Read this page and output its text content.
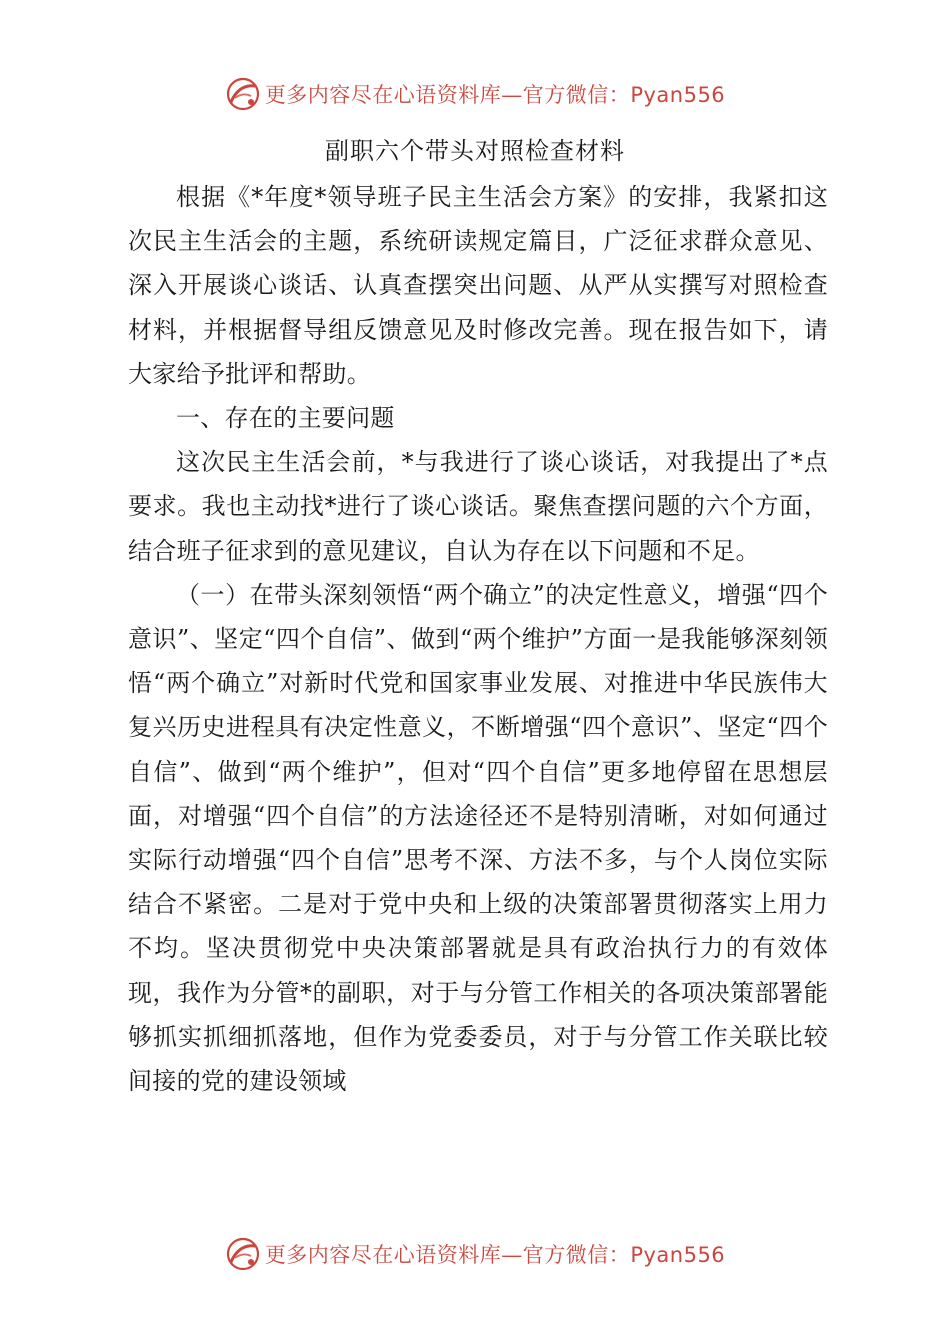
更多内容尽在心语资料库—官方微信：Pyan556
副职六个带头对照检查材料

根据《*年度*领导班子民主生活会方案》的安排，我紧扣这次民主生活会的主题，系统研读规定篇目，广泛征求群众意见、深入开展谈心谈话、认真查摆突出问题、从严从实撰写对照检查材料，并根据督导组反馈意见及时修改完善。现在报告如下，请大家给予批评和帮助。

一、存在的主要问题

这次民主生活会前，*与我进行了谈心谈话，对我提出了*点要求。我也主动找*进行了谈心谈话。聚焦查摆问题的六个方面，结合班子征求到的意见建议，自认为存在以下问题和不足。

（一）在带头深刻领悟“两个确立”的决定性意义，增强“四个意识”、坚定“四个自信”、做到“两个维护”方面一是我能够深刻领悟“两个确立”对新时代党和国家事业发展、对推进中华民族伟大复兴历史进程具有决定性意义，不断增强“四个意识”、坚定“四个自信”、做到“两个维护”，但对“四个自信”更多地停留在思想层面，对增强“四个自信”的方法途径还不是特别清晰，对如何通过实际行动增强“四个自信”思考不深、方法不多，与个人岗位实际结合不紧密。二是对于党中央和上级的决策部署贯彻落实上用力不均。坚决贯彻党中央决策部署就是具有政治执行力的有效体现，我作为分管*的副职，对于与分管工作相关的各项决策部署能够抓实抓细抓落地，但作为党委委员，对于与分管工作关联比较间接的党的建设领域

更多内容尽在心语资料库—官方微信：Pyan556
